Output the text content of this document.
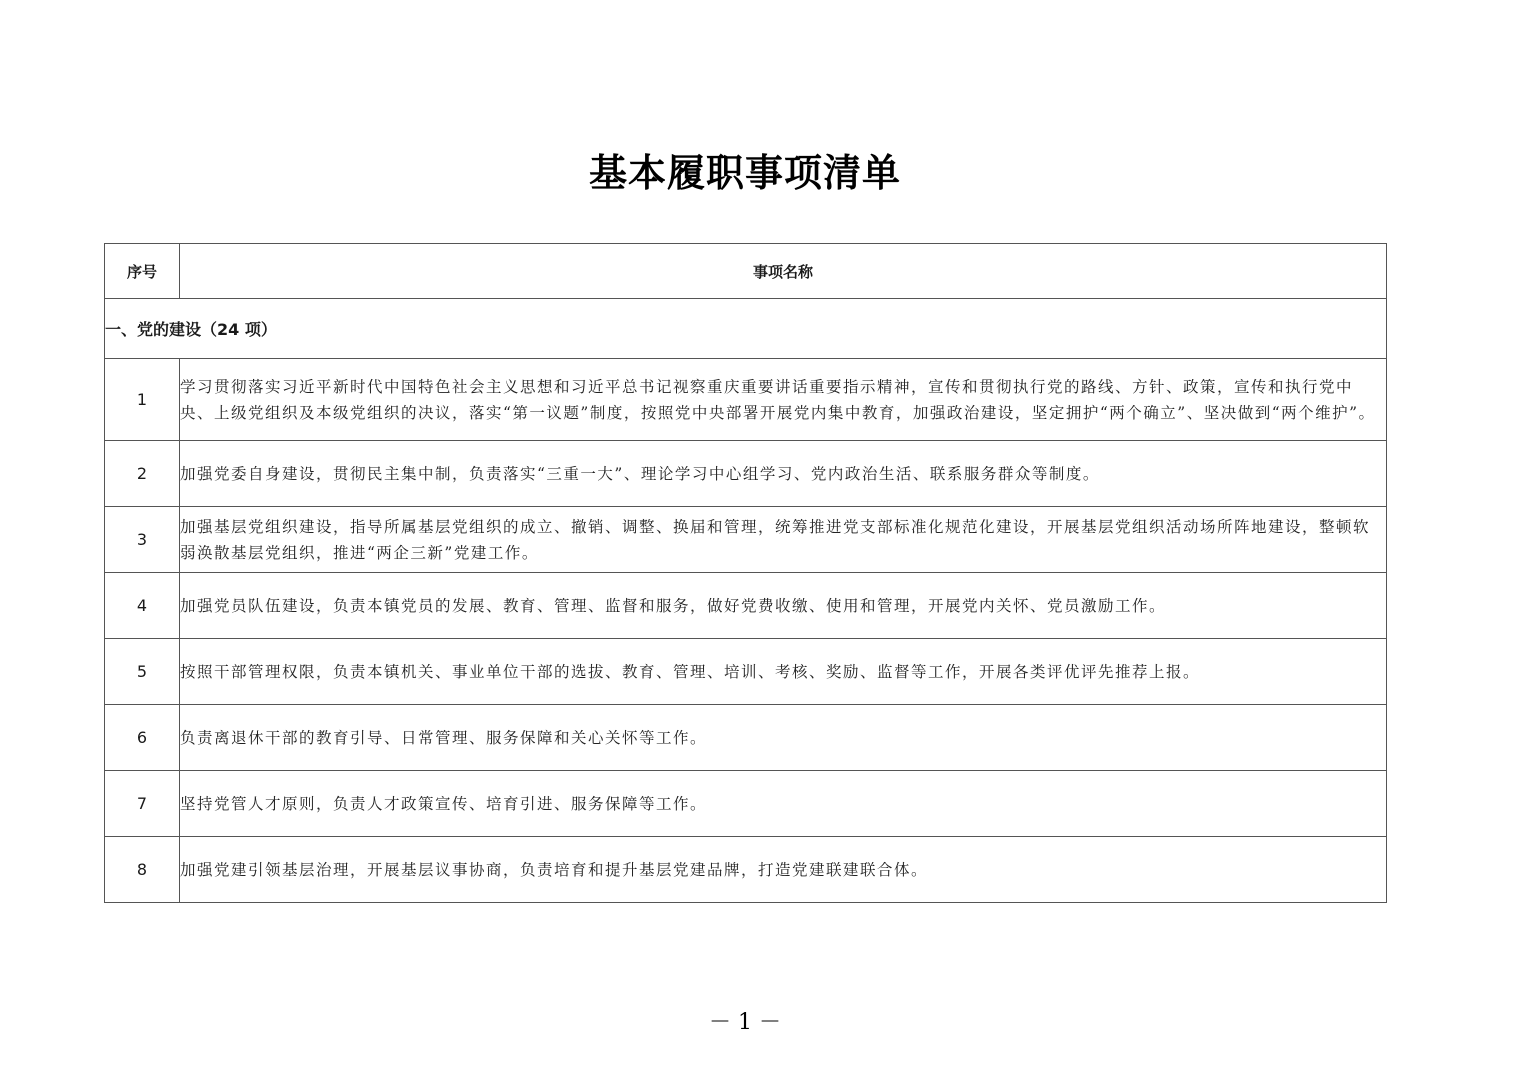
基本履职事项清单
序号	事项名称
一、党的建设（24 项）	
1	学习贯彻落实习近平新时代中国特色社会主义思想和习近平总书记视察重庆重要讲话重要指示精神，宣传和贯彻执行党的路线、方针、政策，宣传和执行党中央、上级党组织及本级党组织的决议，落实“第一议题”制度，按照党中央部署开展党内集中教育，加强政治建设，坚定拥护“两个确立”、坚决做到“两个维护”。
2	加强党委自身建设，贯彻民主集中制，负责落实“三重一大”、理论学习中心组学习、党内政治生活、联系服务群众等制度。
3	加强基层党组织建设，指导所属基层党组织的成立、撤销、调整、换届和管理，统筹推进党支部标准化规范化建设，开展基层党组织活动场所阵地建设，整顿软弱涣散基层党组织，推进“两企三新”党建工作。
4	加强党员队伍建设，负责本镇党员的发展、教育、管理、监督和服务，做好党费收缴、使用和管理，开展党内关怀、党员激励工作。
5	按照干部管理权限，负责本镇机关、事业单位干部的选拔、教育、管理、培训、考核、奖励、监督等工作，开展各类评优评先推荐上报。
6	负责离退休干部的教育引导、日常管理、服务保障和关心关怀等工作。
7	坚持党管人才原则，负责人才政策宣传、培育引进、服务保障等工作。
8	加强党建引领基层治理，开展基层议事协商，负责培育和提升基层党建品牌，打造党建联建联合体。
－ 1 －
